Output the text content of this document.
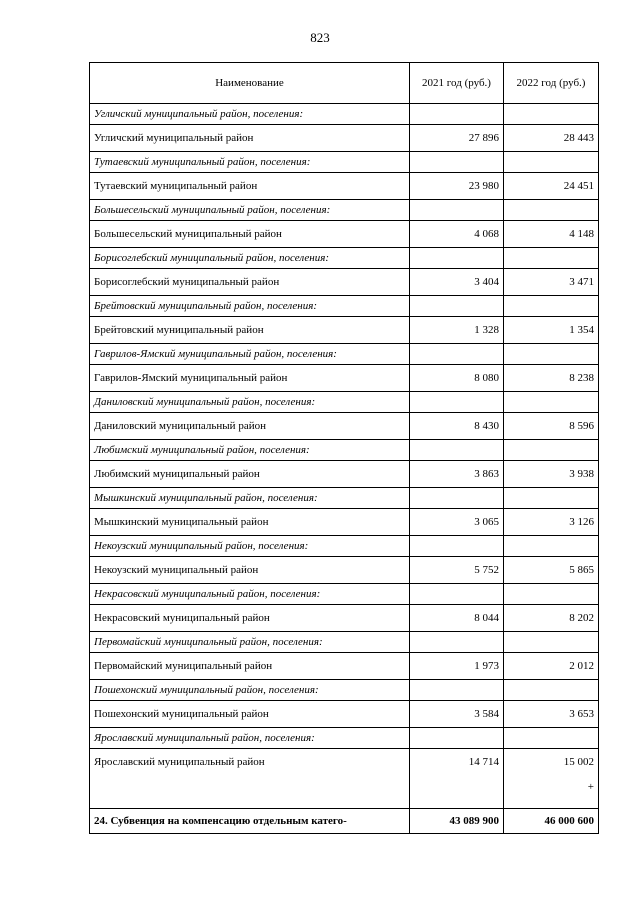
823
Наименование	2021 год (руб.)	2022 год (руб.)
Угличский муниципальный район, поселения:		
Угличский муниципальный район	27 896	28 443
Тутаевский муниципальный район, поселения:		
Тутаевский муниципальный район	23 980	24 451
Большесельский муниципальный район, поселения:		
Большесельский муниципальный район	4 068	4 148
Борисоглебский муниципальный район, поселения:		
Борисоглебский муниципальный район	3 404	3 471
Брейтовский муниципальный район, поселения:		
Брейтовский муниципальный район	1 328	1 354
Гаврилов-Ямский муниципальный район, поселения:		
Гаврилов-Ямский муниципальный район	8 080	8 238
Даниловский муниципальный район, поселения:		
Даниловский муниципальный район	8 430	8 596
Любимский муниципальный район, поселения:		
Любимский муниципальный район	3 863	3 938
Мышкинский муниципальный район, поселения:		
Мышкинский муниципальный район	3 065	3 126
Некоузский муниципальный район, поселения:		
Некоузский муниципальный район	5 752	5 865
Некрасовский муниципальный район, поселения:		
Некрасовский муниципальный район	8 044	8 202
Первомайский муниципальный район, поселения:		
Первомайский муниципальный район	1 973	2 012
Пошехонский муниципальный район, поселения:		
Пошехонский муниципальный район	3 584	3 653
Ярославский муниципальный район, поселения:		
Ярославский муниципальный район	14 714	15 002
+

24. Субвенция на компенсацию отдельным катего-	43 089 900	46 000 600
